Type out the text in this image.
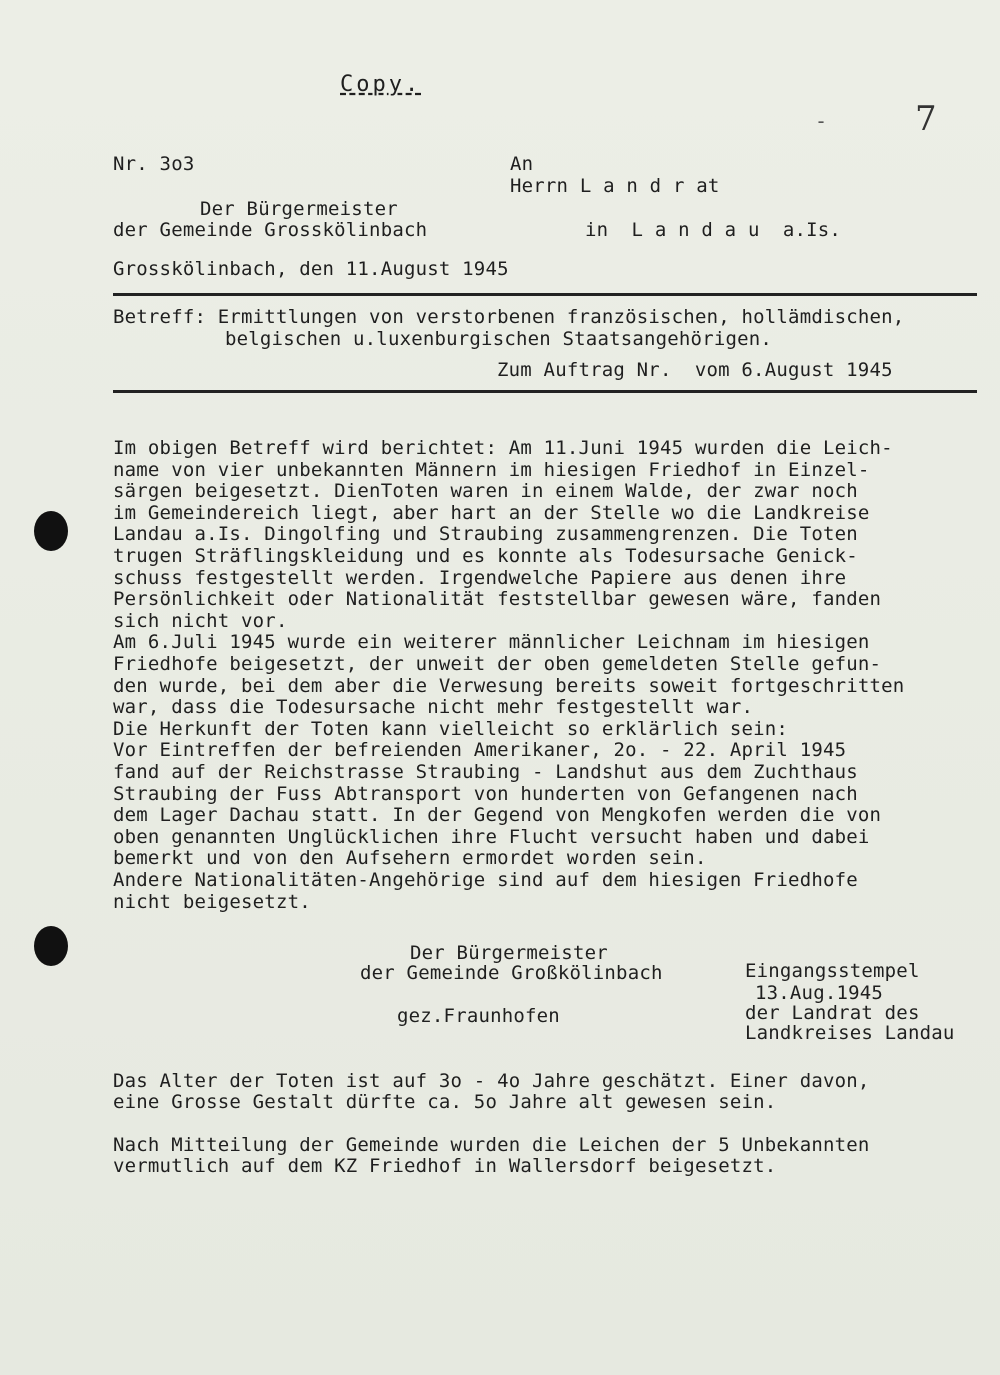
Copy.
-	7
Nr. 3o3	An
Herrn L a n d r at
Der Bürgermeister
der Gemeinde Grosskölinbach	in  L a n d a u  a.Is.
Grosskölinbach, den 11.August 1945
Betreff: Ermittlungen von verstorbenen französischen, hollämdischen,
belgischen u.luxenburgischen Staatsangehörigen.
Zum Auftrag Nr.  vom 6.August 1945
Im obigen Betreff wird berichtet: Am 11.Juni 1945 wurden die Leich-
name von vier unbekannten Männern im hiesigen Friedhof in Einzel-
särgen beigesetzt. DienToten waren in einem Walde, der zwar noch
im Gemeindereich liegt, aber hart an der Stelle wo die Landkreise
Landau a.Is. Dingolfing und Straubing zusammengrenzen. Die Toten
trugen Sträflingskleidung und es konnte als Todesursache Genick-
schuss festgestellt werden. Irgendwelche Papiere aus denen ihre
Persönlichkeit oder Nationalität feststellbar gewesen wäre, fanden
sich nicht vor.
Am 6.Juli 1945 wurde ein weiterer männlicher Leichnam im hiesigen
Friedhofe beigesetzt, der unweit der oben gemeldeten Stelle gefun-
den wurde, bei dem aber die Verwesung bereits soweit fortgeschritten
war, dass die Todesursache nicht mehr festgestellt war.
Die Herkunft der Toten kann vielleicht so erklärlich sein:
Vor Eintreffen der befreienden Amerikaner, 2o. - 22. April 1945
fand auf der Reichstrasse Straubing - Landshut aus dem Zuchthaus
Straubing der Fuss Abtransport von hunderten von Gefangenen nach
dem Lager Dachau statt. In der Gegend von Mengkofen werden die von
oben genannten Unglücklichen ihre Flucht versucht haben und dabei
bemerkt und von den Aufsehern ermordet worden sein.
Andere Nationalitäten-Angehörige sind auf dem hiesigen Friedhofe
nicht beigesetzt.
Der Bürgermeister
der Gemeinde Großkölinbach
gez.Fraunhofen
Eingangsstempel
13.Aug.1945
der Landrat des
Landkreises Landau
Das Alter der Toten ist auf 3o - 4o Jahre geschätzt. Einer davon,
eine Grosse Gestalt dürfte ca. 5o Jahre alt gewesen sein.
Nach Mitteilung der Gemeinde wurden die Leichen der 5 Unbekannten
vermutlich auf dem KZ Friedhof in Wallersdorf beigesetzt.
